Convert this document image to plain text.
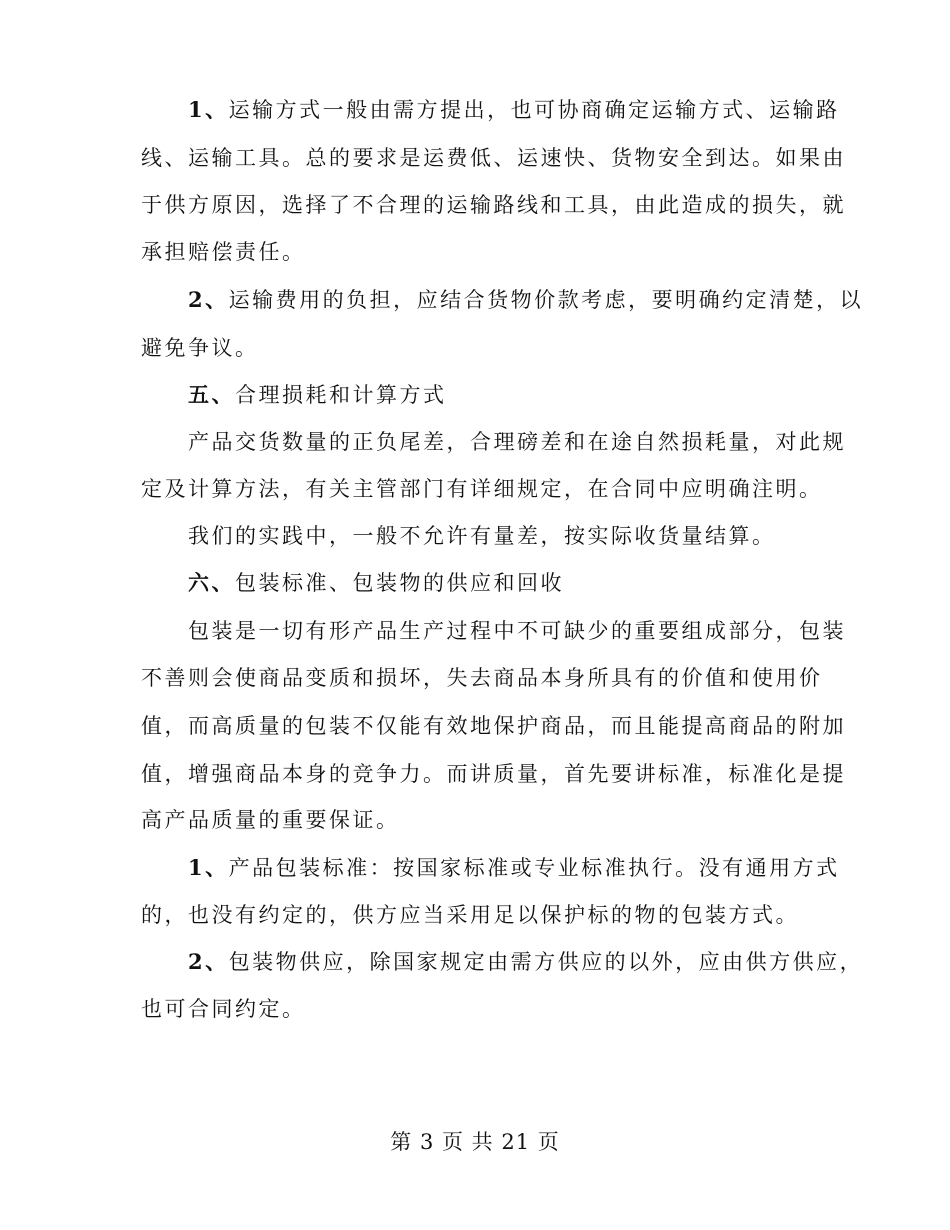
1、运输方式一般由需方提出，也可协商确定运输方式、运输路
线、运输工具。总的要求是运费低、运速快、货物安全到达。如果由
于供方原因，选择了不合理的运输路线和工具，由此造成的损失，就
承担赔偿责任。
2、运输费用的负担，应结合货物价款考虑，要明确约定清楚，以
避免争议。
五、合理损耗和计算方式
产品交货数量的正负尾差，合理磅差和在途自然损耗量，对此规
定及计算方法，有关主管部门有详细规定，在合同中应明确注明。
我们的实践中，一般不允许有量差，按实际收货量结算。
六、包装标准、包装物的供应和回收
包装是一切有形产品生产过程中不可缺少的重要组成部分，包装
不善则会使商品变质和损坏，失去商品本身所具有的价值和使用价
值，而高质量的包装不仅能有效地保护商品，而且能提高商品的附加
值，增强商品本身的竞争力。而讲质量，首先要讲标准，标准化是提
高产品质量的重要保证。
1、产品包装标准：按国家标准或专业标准执行。没有通用方式
的，也没有约定的，供方应当采用足以保护标的物的包装方式。
2、包装物供应，除国家规定由需方供应的以外，应由供方供应，
也可合同约定。
第 3 页 共 21 页
